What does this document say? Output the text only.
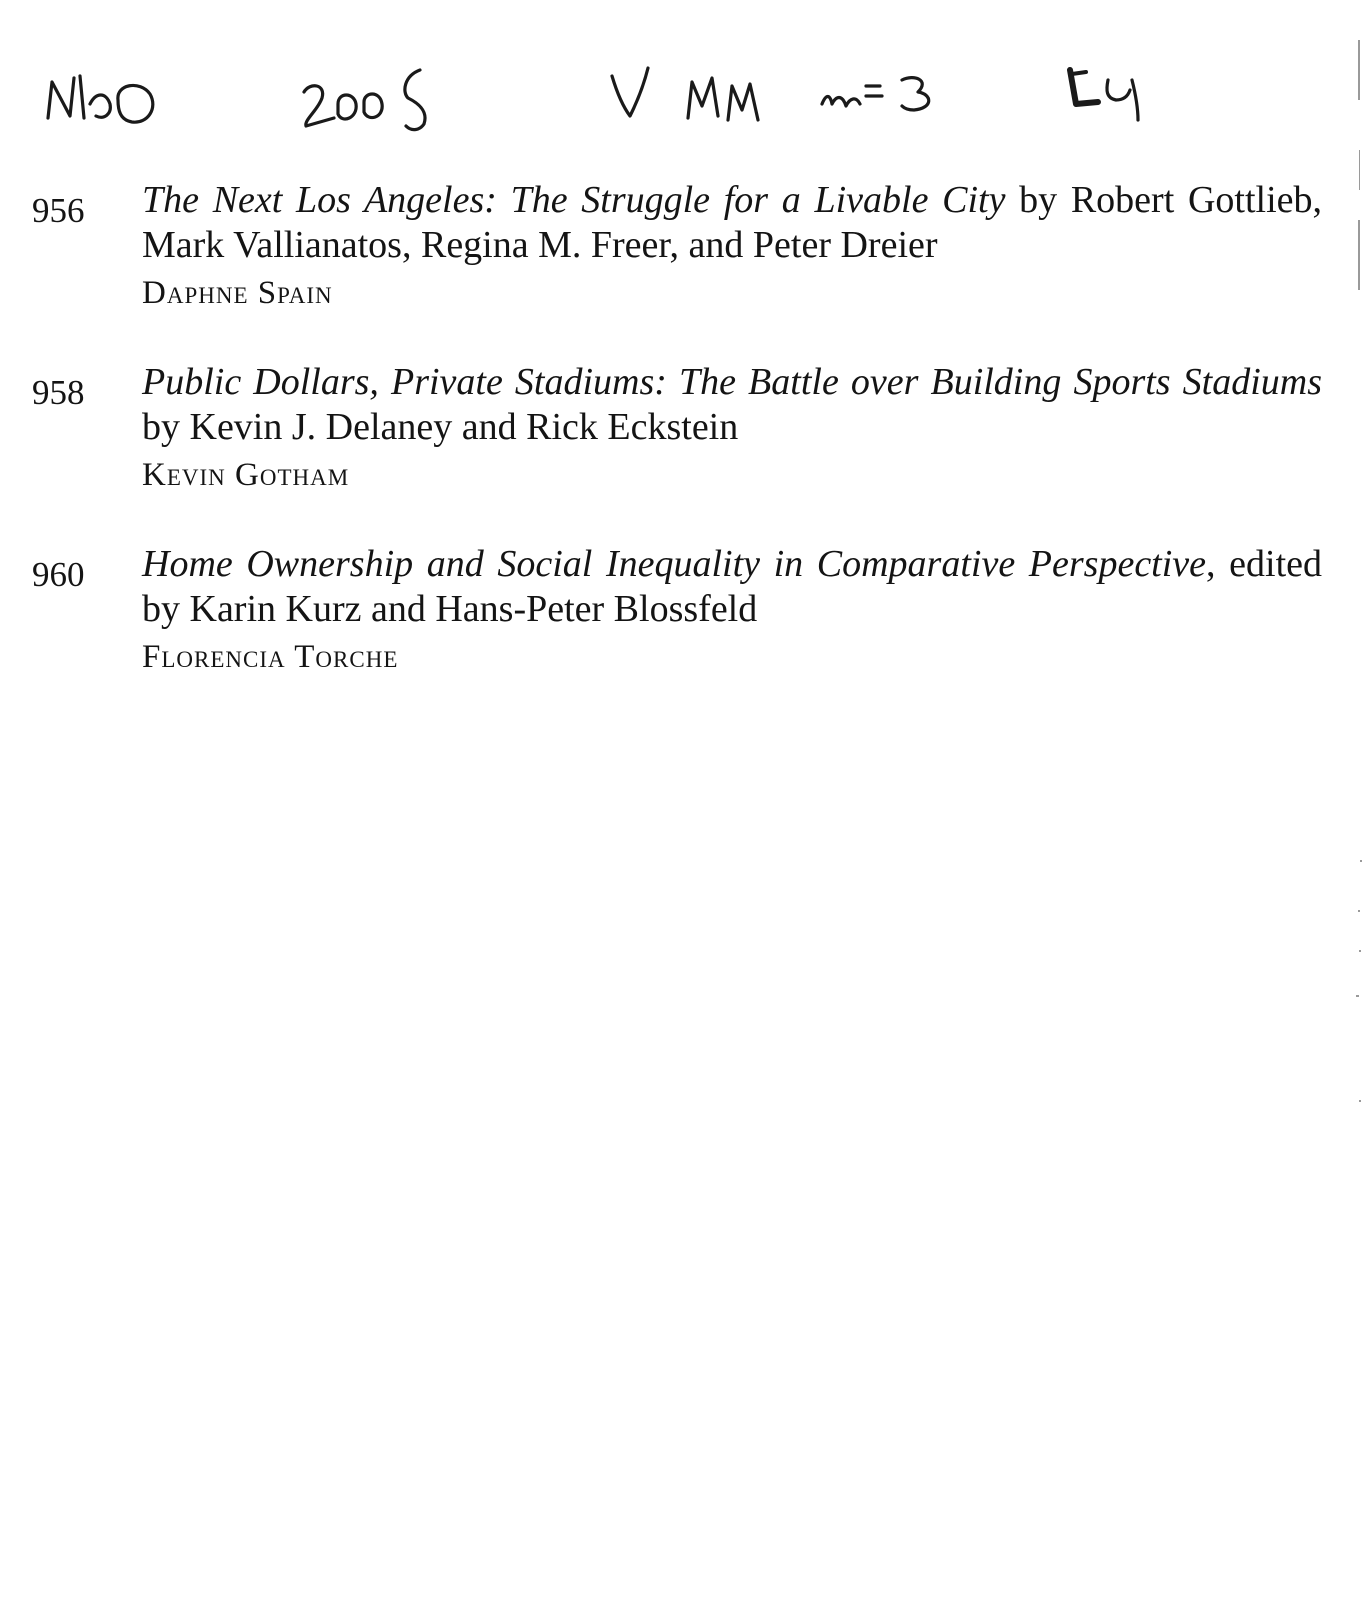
956 The Next Los Angeles: The Struggle for a Livable City by Robert Gottlieb, Mark Vallianatos, Regina M. Freer, and Peter Dreier
Daphne Spain
958 Public Dollars, Private Stadiums: The Battle over Building Sports Stadiums by Kevin J. Delaney and Rick Eckstein
Kevin Gotham
960 Home Ownership and Social Inequality in Comparative Perspective, edited by Karin Kurz and Hans-Peter Blossfeld
Florencia Torche
